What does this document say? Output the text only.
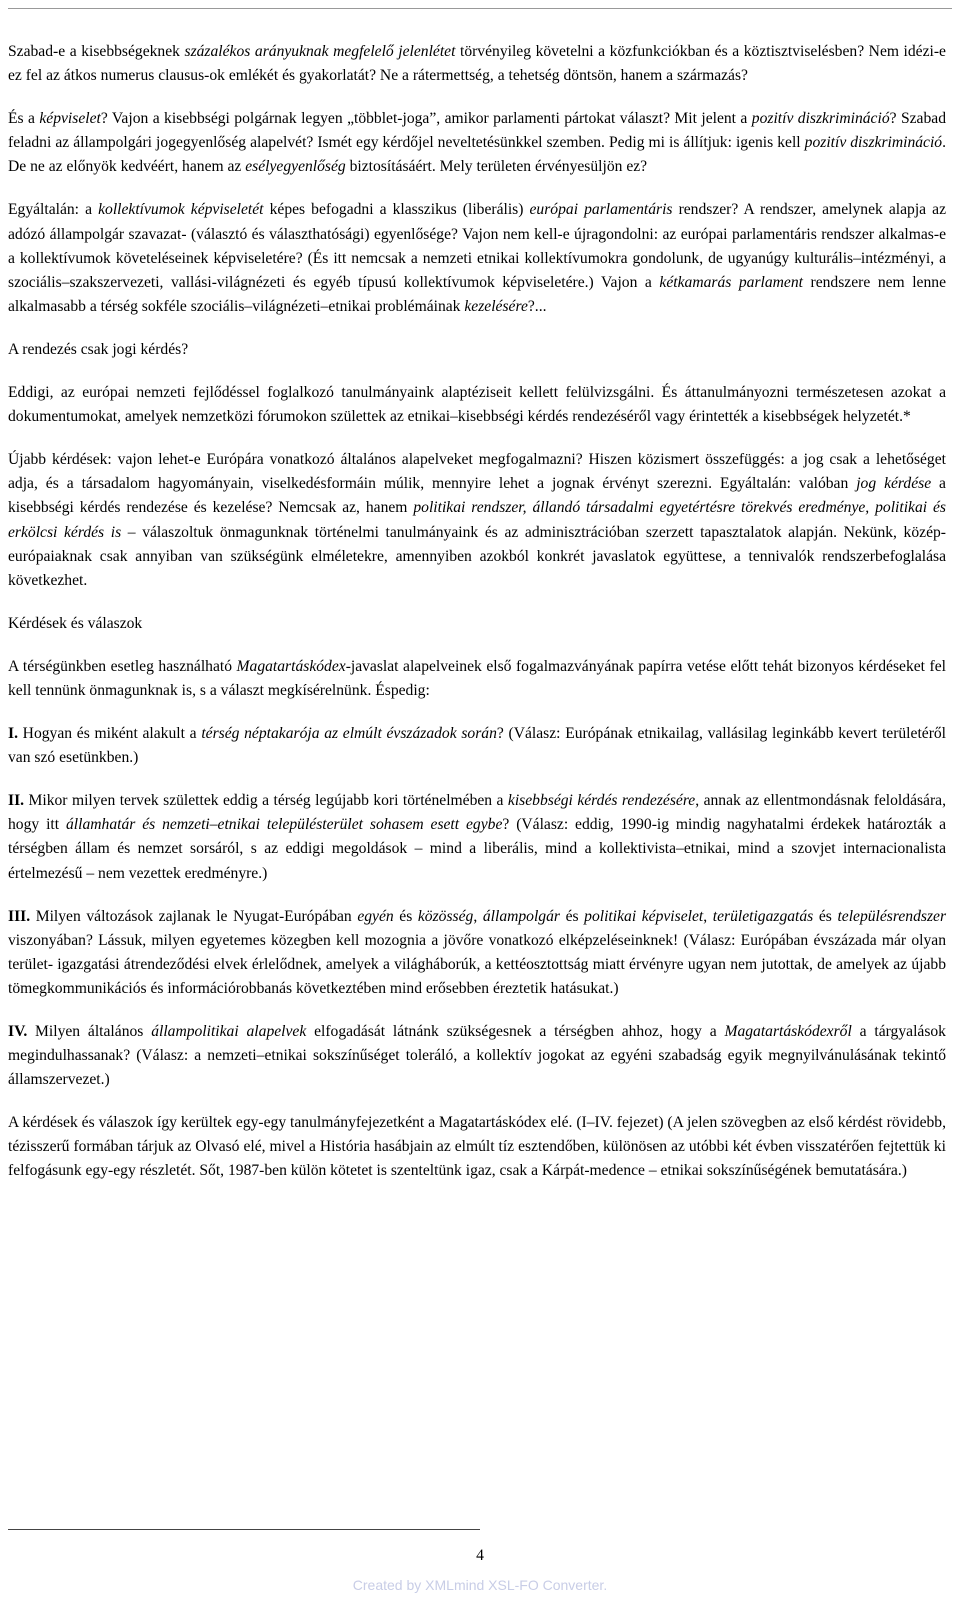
Szabad-e a kisebbségeknek százalékos arányuknak megfelelő jelenlétet törvényileg követelni a közfunkciókban és a köztisztviselésben? Nem idézi-e ez fel az átkos numerus clausus-ok emlékét és gyakorlatát? Ne a rátermettség, a tehetség döntsön, hanem a származás?

És a képviselet? Vajon a kisebbségi polgárnak legyen „többlet-joga”, amikor parlamenti pártokat választ? Mit jelent a pozitív diszkrimináció? Szabad feladni az állampolgári jogegyenlőség alapelvét? Ismét egy kérdőjel neveltetésünkkel szemben. Pedig mi is állítjuk: igenis kell pozitív diszkrimináció. De ne az előnyök kedvéért, hanem az esélyegyenlőség biztosításáért. Mely területen érvényesüljön ez?

Egyáltalán: a kollektívumok képviseletét képes befogadni a klasszikus (liberális) európai parlamentáris rendszer? A rendszer, amelynek alapja az adózó állampolgár szavazat- (választó és választhatósági) egyenlősége? Vajon nem kell-e újragondolni: az európai parlamentáris rendszer alkalmas-e a kollektívumok követeléseinek képviseletére? (És itt nemcsak a nemzeti etnikai kollektívumokra gondolunk, de ugyanúgy kulturális–intézményi, a szociális–szakszervezeti, vallási-világnézeti és egyéb típusú kollektívumok képviseletére.) Vajon a kétkamarás parlament rendszere nem lenne alkalmasabb a térség sokféle szociális–világnézeti–etnikai problémáinak kezelésére?...

A rendezés csak jogi kérdés?

Eddigi, az európai nemzeti fejlődéssel foglalkozó tanulmányaink alaptéziseit kellett felülvizsgálni. És áttanulmányozni természetesen azokat a dokumentumokat, amelyek nemzetközi fórumokon születtek az etnikai–kisebbségi kérdés rendezéséről vagy érintették a kisebbségek helyzetét.*

Újabb kérdések: vajon lehet-e Európára vonatkozó általános alapelveket megfogalmazni? Hiszen közismert összefüggés: a jog csak a lehetőséget adja, és a társadalom hagyományain, viselkedésformáin múlik, mennyire lehet a jognak érvényt szerezni. Egyáltalán: valóban jog kérdése a kisebbségi kérdés rendezése és kezelése? Nemcsak az, hanem politikai rendszer, állandó társadalmi egyetértésre törekvés eredménye, politikai és erkölcsi kérdés is – válaszoltuk önmagunknak történelmi tanulmányaink és az adminisztrációban szerzett tapasztalatok alapján. Nekünk, közép-európaiaknak csak annyiban van szükségünk elméletekre, amennyiben azokból konkrét javaslatok együttese, a tennivalók rendszerbefoglalása következhet.

Kérdések és válaszok

A térségünkben esetleg használható Magatartáskódex-javaslat alapelveinek első fogalmazványának papírra vetése előtt tehát bizonyos kérdéseket fel kell tennünk önmagunknak is, s a választ megkísérelnünk. Éspedig:

I. Hogyan és miként alakult a térség néptakarója az elmúlt évszázadok során? (Válasz: Európának etnikailag, vallásilag leginkább kevert területéről van szó esetünkben.)

II. Mikor milyen tervek születtek eddig a térség legújabb kori történelmében a kisebbségi kérdés rendezésére, annak az ellentmondásnak feloldására, hogy itt államhatár és nemzeti–etnikai településterület sohasem esett egybe? (Válasz: eddig, 1990-ig mindig nagyhatalmi érdekek határozták a térségben állam és nemzet sorsáról, s az eddigi megoldások – mind a liberális, mind a kollektivista–etnikai, mind a szovjet internacionalista értelmezésű – nem vezettek eredményre.)

III. Milyen változások zajlanak le Nyugat-Európában egyén és közösség, állampolgár és politikai képviselet, területigazgatás és településrendszer viszonyában? Lássuk, milyen egyetemes közegben kell mozognia a jövőre vonatkozó elképzeléseinknek! (Válasz: Európában évszázada már olyan terület- igazgatási átrendeződési elvek érlelődnek, amelyek a világháborúk, a kettéosztottság miatt érvényre ugyan nem jutottak, de amelyek az újabb tömegkommunikációs és információrobbanás következtében mind erősebben éreztetik hatásukat.)

IV. Milyen általános állampolitikai alapelvek elfogadását látnánk szükségesnek a térségben ahhoz, hogy a Magatartáskódexről a tárgyalások megindulhassanak? (Válasz: a nemzeti–etnikai sokszínűséget toleráló, a kollektív jogokat az egyéni szabadság egyik megnyilvánulásának tekintő államszervezet.)

A kérdések és válaszok így kerültek egy-egy tanulmányfejezetként a Magatartáskódex elé. (I–IV. fejezet) (A jelen szövegben az első kérdést rövidebb, tézisszerű formában tárjuk az Olvasó elé, mivel a História hasábjain az elmúlt tíz esztendőben, különösen az utóbbi két évben visszatérően fejtettük ki felfogásunk egy-egy részletét. Sőt, 1987-ben külön kötetet is szenteltünk igaz, csak a Kárpát-medence – etnikai sokszínűségének bemutatására.)

4
Created by XMLmind XSL-FO Converter.
